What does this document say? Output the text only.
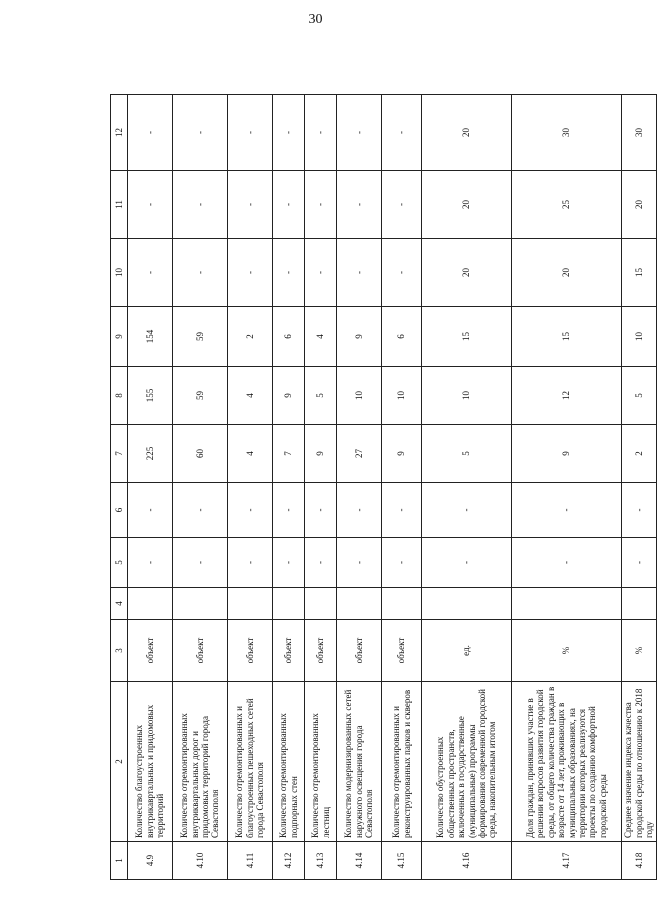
30
1	2	3	4	5	6	7	8	9	10	11	12
4.9	Количество благоустроенных внутрикавртальных и придомовых территорий	объект		-	-	225	155	154	-	-	-
4.10	Количество отремонтированных внутриквартальных дорог и придомовых территорий города Севастополя	объект		-	-	60	59	59	-	-	-
4.11	Количество отремонтированных и благоустроенных пешеходных сетей города Севастополя	объект		-	-	4	4	2	-	-	-
4.12	Количество отремонтированных подпорных стен	объект		-	-	7	9	6	-	-	-
4.13	Количество отремонтированных лестниц	объект		-	-	9	5	4	-	-	-
4.14	Количество модернизированных сетей наружного освещения города Севастополя	объект		-	-	27	10	9	-	-	-
4.15	Количество отремонтированных и реконструированных парков и скверов	объект		-	-	9	10	6	-	-	-
4.16	Количество обустроенных общественных пространств, включенных в государственные (муниципальные) программы формирования современной городской среды, накопительным итогом	ед.		-	-	5	10	15	20	20	20
4.17	Доля граждан, принявших участие в решении вопросов развития городской среды, от общего количества граждан в возрасте от 14 лет, проживающих в муниципальных образованиях, на территории которых реализуются проекты по созданию комфортной городской среды	%		-	-	9	12	15	20	25	30
4.18	Среднее значение индекса качества городской среды по отношению к 2018 году	%		-	-	2	5	10	15	20	30
